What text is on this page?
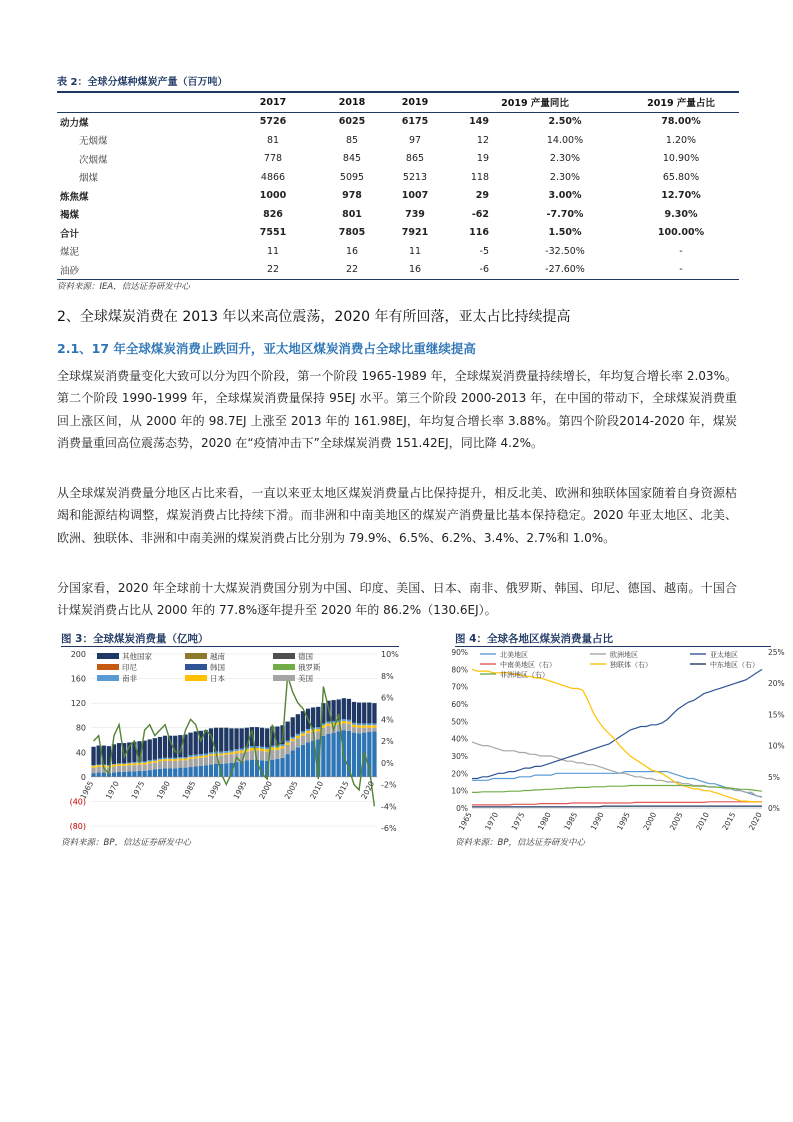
表 2：全球分煤种煤炭产量（百万吨）
	2017	2018	2019	2019 产量同比		2019 产量占比
动力煤	5726	6025	6175	149	2.50%	78.00%
无烟煤	81	85	97	12	14.00%	1.20%
次烟煤	778	845	865	19	2.30%	10.90%
烟煤	4866	5095	5213	118	2.30%	65.80%
炼焦煤	1000	978	1007	29	3.00%	12.70%
褐煤	826	801	739	-62	-7.70%	9.30%
合计	7551	7805	7921	116	1.50%	100.00%
煤泥	11	16	11	-5	-32.50%	-
油砂	22	22	16	-6	-27.60%	-
资料来源：IEA，信达证券研发中心
2、全球煤炭消费在 2013 年以来高位震荡，2020 年有所回落，亚太占比持续提高
2.1、17 年全球煤炭消费止跌回升，亚太地区煤炭消费占全球比重继续提高
全球煤炭消费量变化大致可以分为四个阶段，第一个阶段 1965-1989 年，全球煤炭消费量持续增长，年均复合增长率 2.03%。第二个阶段 1990-1999 年，全球煤炭消费量保持 95EJ 水平。第三个阶段 2000-2013 年，在中国的带动下，全球煤炭消费重回上涨区间，从 2000 年的 98.7EJ 上涨至 2013 年的 161.98EJ，年均复合增长率 3.88%。第四个阶段2014-2020 年，煤炭消费量重回高位震荡态势，2020 在“疫情冲击下”全球煤炭消费 151.42EJ，同比降 4.2%。
从全球煤炭消费量分地区占比来看，一直以来亚太地区煤炭消费量占比保持提升，相反北美、欧洲和独联体国家随着自身资源枯竭和能源结构调整，煤炭消费占比持续下滑。而非洲和中南美地区的煤炭产消费量比基本保持稳定。2020 年亚太地区、北美、欧洲、独联体、非洲和中南美洲的煤炭消费占比分别为 79.9%、6.5%、6.2%、3.4%、2.7%和 1.0%。
分国家看，2020 年全球前十大煤炭消费国分别为中国、印度、美国、日本、南非、俄罗斯、韩国、印尼、德国、越南。十国合计煤炭消费占比从 2000 年的 77.8%逐年提升至 2020 年的 86.2%（130.6EJ）。
图 3：全球煤炭消费量（亿吨）
200
160
120
80
40
0
(40)
(80)
10%
8%
6%
4%
2%
0%
-2%
-4%
-6%
1965 1970 1975 1980 1985 1990 1995 2000 2005 2010 2015 2020
其他国家	越南	德国
印尼	韩国	俄罗斯
南非	日本	美国
资料来源：BP，信达证券研发中心
图 4：全球各地区煤炭消费量占比
90%
80%
70%
60%
50%
40%
30%
20%
10%
0%
25%
20%
15%
10%
5%
0%
1965 1970 1975 1980 1985 1990 1995 2000 2005 2010 2015 2020
北美地区	欧洲地区	亚太地区
中南美地区（右）	独联体（右）	中东地区（右）
非洲地区（右）
资料来源：BP，信达证券研发中心
